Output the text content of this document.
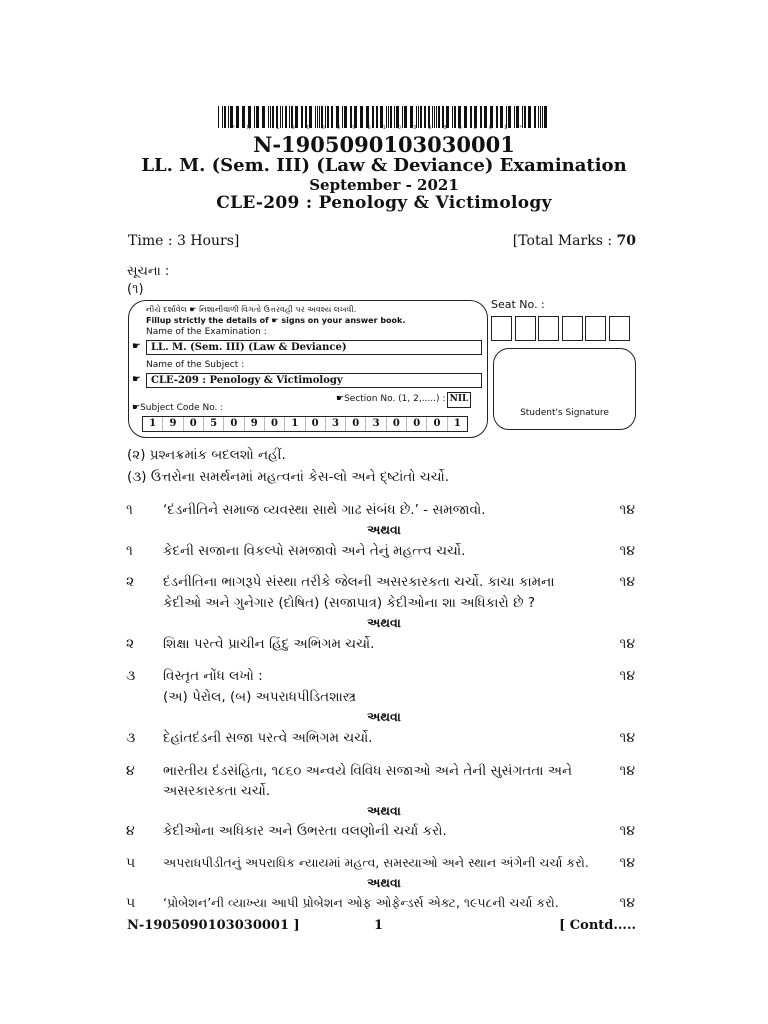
*N-1905090103030001*
N-1905090103030001
LL. M. (Sem. III) (Law & Deviance) Examination
September - 2021
CLE-209 : Penology & Victimology
Time : 3 Hours]	[Total Marks : 70
સૂચના :
(૧)
નીચે દર્શાવેલ ☛ નિશાનીવાળી વિગતો ઉત્તરવહી પર અવશ્ય લખવી.
Fillup strictly the details of ☛ signs on your answer book.
Name of the Examination :
☛	LL. M. (Sem. III) (Law & Deviance)
Name of the Subject :
☛	CLE-209 : Penology & Victimology
☛Section No. (1, 2,.....) : NIL
☛Subject Code No. :
1	9	0	5	0	9	0	1	0	3	0	3	0	0	0	1
Seat No. :
Student's Signature
(૨) પ્રશ્નક્રમાંક બદલશો નહીં.
(૩) ઉત્તરોના સમર્થનમાં મહત્વનાં કેસ-લો અને દ્ષ્ટાંતો ચર્ચો.
૧ ‘દંડનીતિને સમાજ વ્યવસ્થા સાથે ગાઢ સંબંધ છે.’ - સમજાવો.	૧૪
અથવા
૧ કેદની સજાના વિકલ્પો સમજાવો અને તેનું મહત્ત્વ ચર્ચો.	૧૪
૨ દંડનીતિના ભાગરૂપે સંસ્થા તરીકે જેલની અસરકારકતા ચર્ચો. કાચા કામના
કેદીઓ અને ગુનેગાર (દોષિત) (સજાપાત્ર) કેદીઓના શા અધિકારો છે ?
૧૪
અથવા
૨ શિક્ષા પરત્વે પ્રાચીન હિંદુ અભિગમ ચર્ચો.	૧૪
૩ વિસ્તૃત નોંધ લખો :
(અ) પેરોલ, (બ) અપરાધપીડિતશાસ્ત્ર
૧૪
અથવા
૩ દેહાંતદંડની સજા પરત્વે અભિગમ ચર્ચો.	૧૪
૪ ભારતીય દંડસંહિતા, ૧૮૬૦ અન્વયે વિવિધ સજાઓ અને તેની સુસંગતતા અને
અસરકારકતા ચર્ચો.
૧૪
અથવા
૪ કેદીઓના અધિકાર અને ઉભરતા વલણોની ચર્ચા કરો.	૧૪
૫ અપરાધપીડીતનું અપરાધિક ન્યાયમાં મહત્વ, સમસ્યાઓ અને સ્થાન અંગેની ચર્ચા કરો. ૧૪
અથવા
૫ ‘પ્રોબેશન’ની વ્યાખ્યા આપી પ્રોબેશન ઓફ ઓફેન્ડર્સ એક્ટ, ૧૯૫૮ની ચર્ચા કરો.	૧૪
N-1905090103030001 ]	1	[ Contd.....
